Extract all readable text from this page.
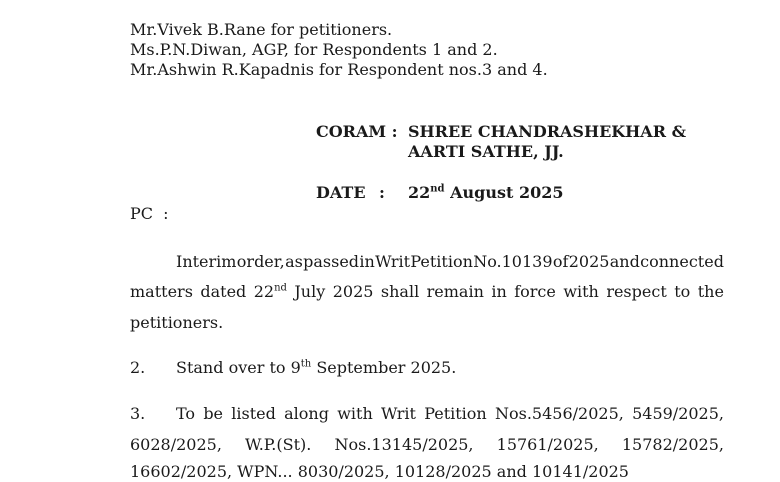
Mr.Vivek B.Rane for petitioners.
Ms.P.N.Diwan, AGP, for Respondents 1 and 2.
Mr.Ashwin R.Kapadnis for Respondent nos.3 and 4.
CORAM : SHREE CHANDRASHEKHAR &
AARTI SATHE, JJ.
DATE : 22nd August 2025
PC  :
Interim order, as passed in Writ Petition No.10139 of 2025 and connected
matters dated 22nd July 2025 shall remain in force with respect to the
petitioners.
2. Stand over to 9th September 2025.
3. To be listed along with Writ Petition Nos.5456/2025, 5459/2025,
6028/2025, W.P.(St). Nos.13145/2025, 15761/2025, 15782/2025,
16602/2025, WPN... 8030/2025, 10128/2025 and 10141/2025
